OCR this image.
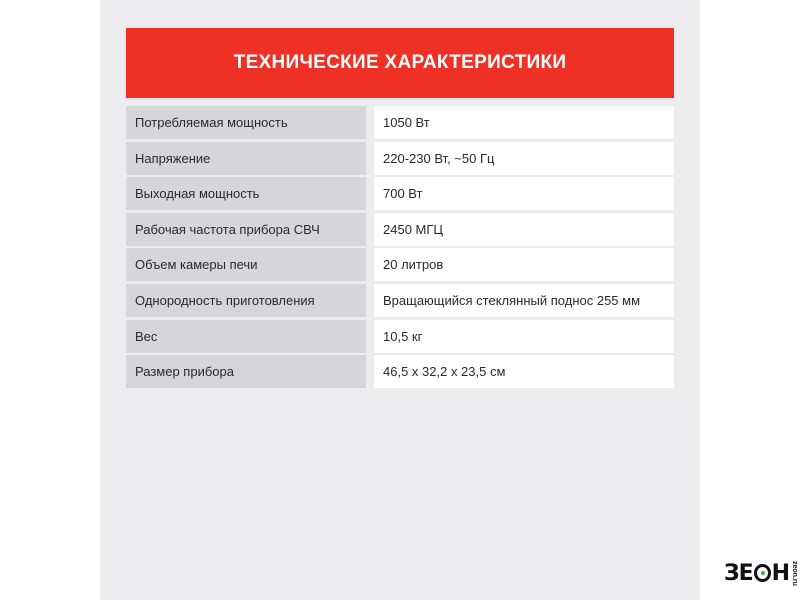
ТЕХНИЧЕСКИЕ ХАРАКТЕРИСТИКИ
Потребляемая мощность	1050 Вт
Напряжение	220-230 Вт, ~50 Гц
Выходная мощность	700 Вт
Рабочая частота прибора СВЧ	2450 МГЦ
Объем камеры печи	20 литров
Однородность приготовления	Вращающийся стеклянный поднос 255 мм
Вес	10,5 кг
Размер прибора	46,5 x 32,2 x 23,5 см
ЗЕ Н zeon.ru
